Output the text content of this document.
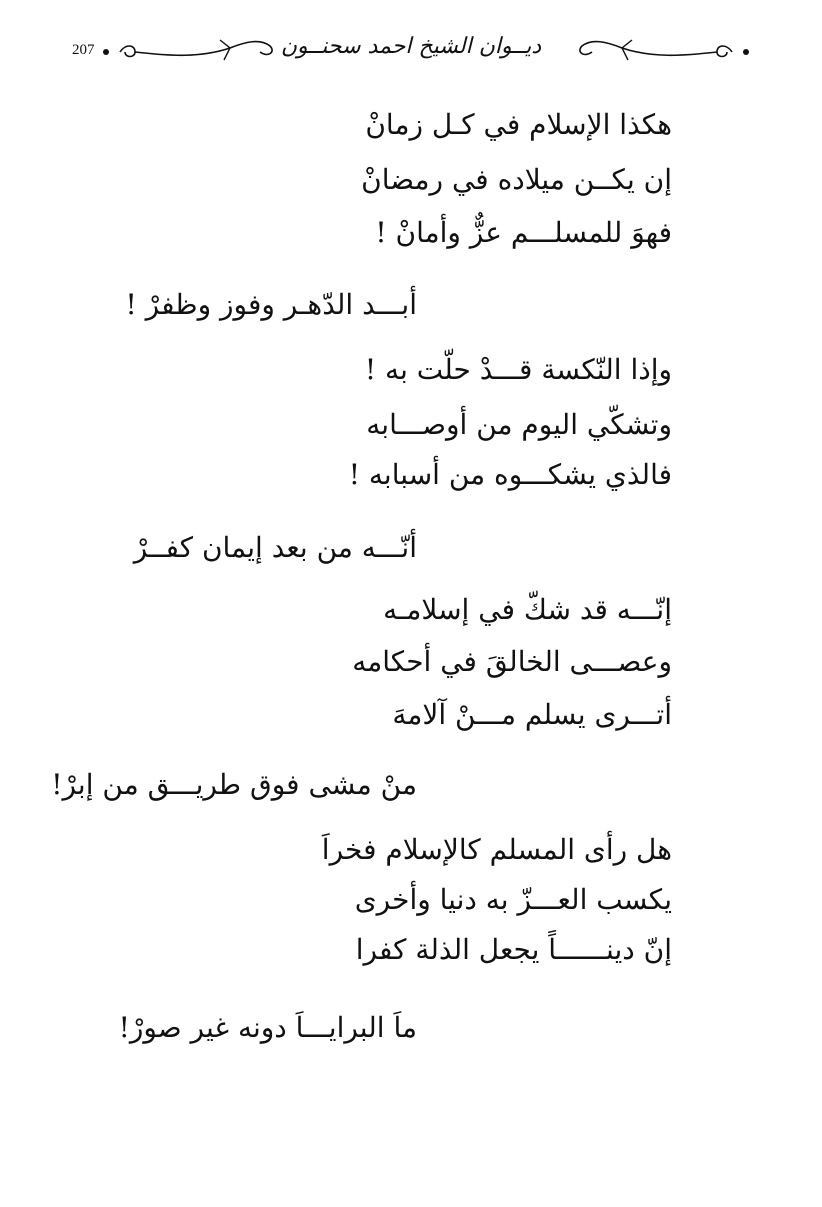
207	ديــوان الشيخ احمد سحنــون
هكذا الإسلام في كـل زمانْ
إن يكــن ميلاده في رمضانْ
فهوَ للمسلـــم عزٌّ وأمانْ !
أبـــد الدّهـر وفوز وظفرْ !
وإذا النّكسة قـــدْ حلّت به !
وتشكّي اليوم من أوصـــابه
فالذي يشكـــوه من أسبابه !
أنّـــه من بعد إيمان كفــرْ
إنّـــه قد شكّ في إسلامـه
وعصـــى الخالقَ في أحكامه
أتـــرى يسلم مـــنْ آلامهَ
منْ مشى فوق طريـــق من إبرْ!
هل رأى المسلم كالإسلام فخراَ
يكسب العـــزّ به دنيا وأخرى
إنّ دينــــــاً يجعل الذلة كفرا
ماَ البرايـــاَ دونه غير صورْ!
